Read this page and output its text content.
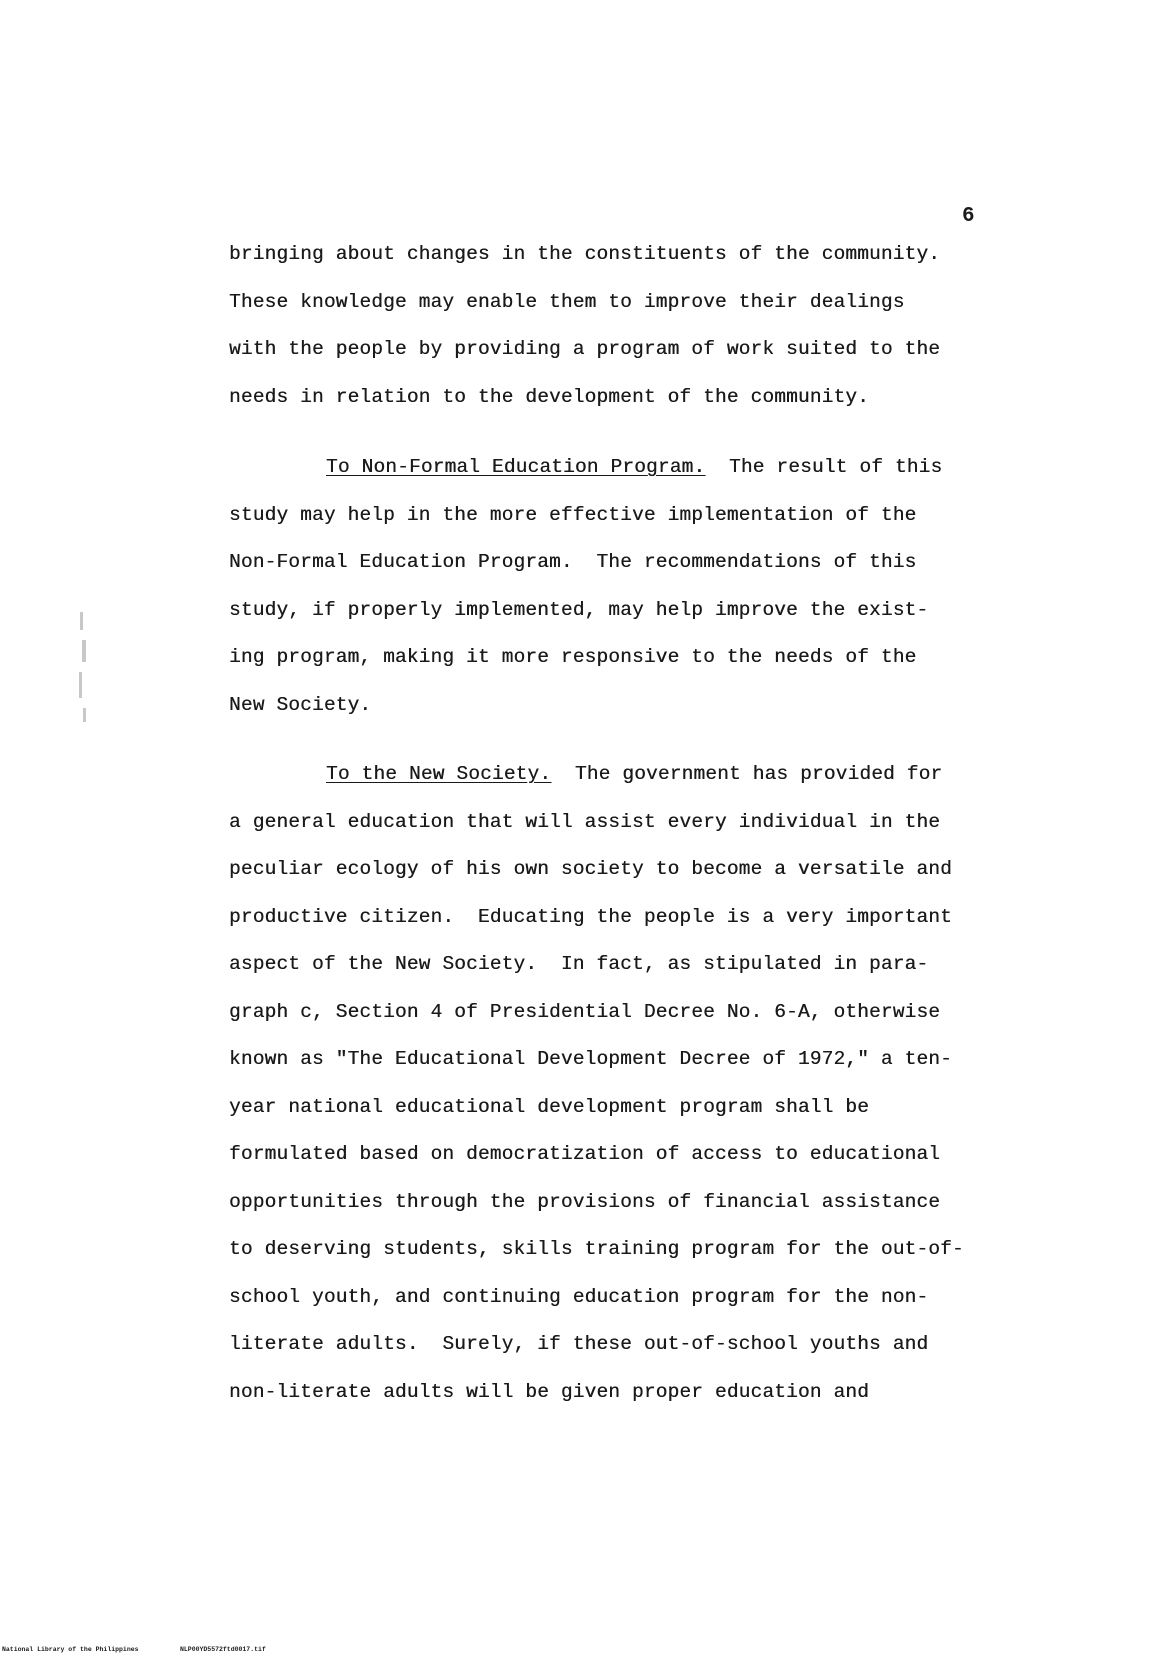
6
bringing about changes in the constituents of the community.
These knowledge may enable them to improve their dealings
with the people by providing a program of work suited to the
needs in relation to the development of the community.
To Non-Formal Education Program.  The result of this
study may help in the more effective implementation of the
Non-Formal Education Program.  The recommendations of this
study, if properly implemented, may help improve the exist-
ing program, making it more responsive to the needs of the
New Society.
To the New Society.  The government has provided for
a general education that will assist every individual in the
peculiar ecology of his own society to become a versatile and
productive citizen.  Educating the people is a very important
aspect of the New Society.  In fact, as stipulated in para-
graph c, Section 4 of Presidential Decree No. 6-A, otherwise
known as "The Educational Development Decree of 1972," a ten-
year national educational development program shall be
formulated based on democratization of access to educational
opportunities through the provisions of financial assistance
to deserving students, skills training program for the out-of-
school youth, and continuing education program for the non-
literate adults.  Surely, if these out-of-school youths and
non-literate adults will be given proper education and
National Library of the Philippines	NLP00YD5572ftd0017.tif
